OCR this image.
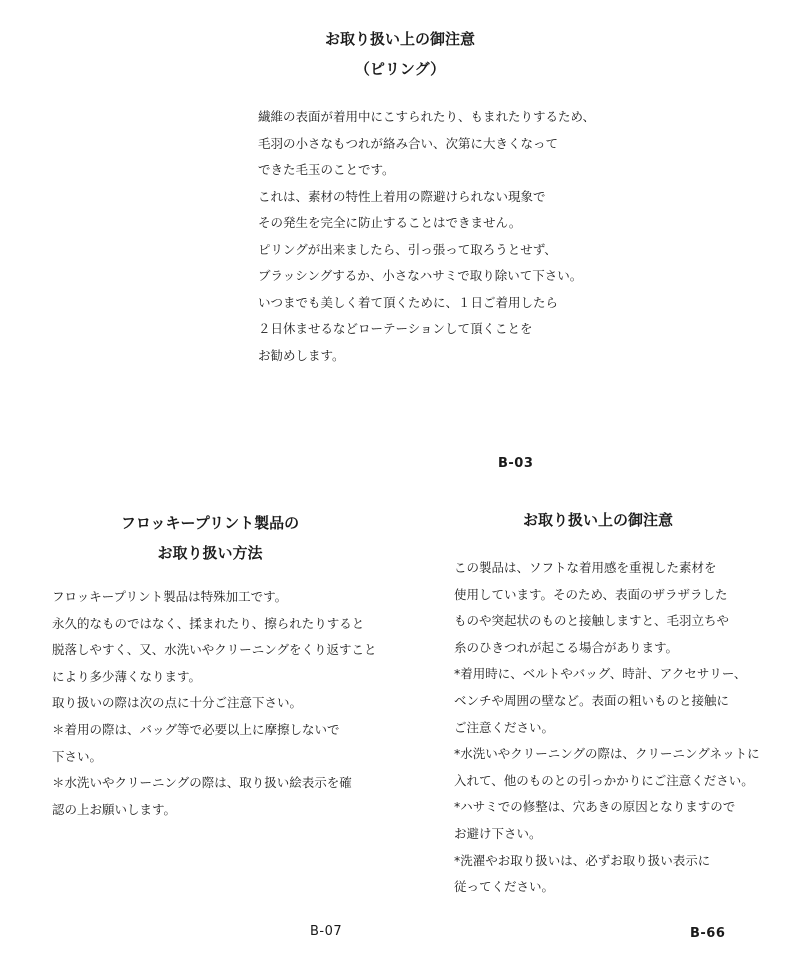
お取り扱い上の御注意

（ピリング）

繊維の表面が着用中にこすられたり、もまれたりするため、
毛羽の小さなもつれが絡み合い、次第に大きくなって
できた毛玉のことです。
これは、素材の特性上着用の際避けられない現象で
その発生を完全に防止することはできません。
ピリングが出来ましたら、引っ張って取ろうとせず、
ブラッシングするか、小さなハサミで取り除いて下さい。
いつまでも美しく着て頂くために、１日ご着用したら
２日休ませるなどローテーションして頂くことを
お勧めします。
B-03

フロッキープリント製品の

お取り扱い方法

フロッキープリント製品は特殊加工です。
永久的なものではなく、揉まれたり、擦られたりすると
脱落しやすく、又、水洗いやクリーニングをくり返すこと
により多少薄くなります。
取り扱いの際は次の点に十分ご注意下さい。
＊着用の際は、バッグ等で必要以上に摩擦しないで
下さい。
＊水洗いやクリーニングの際は、取り扱い絵表示を確
認の上お願いします。
B-07

お取り扱い上の御注意

この製品は、ソフトな着用感を重視した素材を
使用しています。そのため、表面のザラザラした
ものや突起状のものと接触しますと、毛羽立ちや
糸のひきつれが起こる場合があります。
*着用時に、ベルトやバッグ、時計、アクセサリー、
ベンチや周囲の壁など。表面の粗いものと接触に
ご注意ください。
*水洗いやクリーニングの際は、クリーニングネットに
入れて、他のものとの引っかかりにご注意ください。
*ハサミでの修整は、穴あきの原因となりますので
お避け下さい。
*洗濯やお取り扱いは、必ずお取り扱い表示に
従ってください。
B-66
